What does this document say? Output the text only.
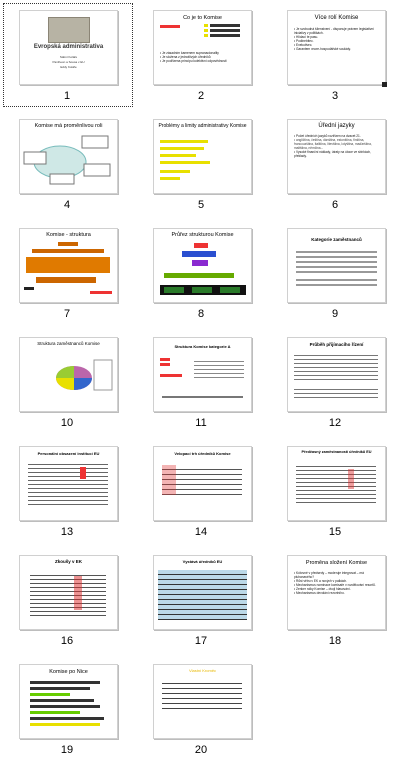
Evropská administrativa
Státní Koláře
Pantheon a Sousa v EU
Eddy Koláře
1
Co je to Komise
• Je zásadním kamenem supranacionality
• Je složena z jednotlivých úředníků
• Je podřízena principu kolektivní odpovědnosti
2
Více rolí Komise
• Je svobodná šílenstvení - disponuje právem legislativní iniciativy v politikách.
• Hlídací te pasu.
• Podlnebitec.
• Exekutivec.
• Garantem vnore-hospodářské soulády.
3
Komise má proměnlivou roli
4
Problémy a limity administrativy Komise
5
Úřední jazyky
• Počet úředních jazyků roztřízen na dvacet 21.
• angličtina, čeština, dánština, estonština, finština, francouzština, italština, litevština, lotyština, maďarština, maltština, němčina...
• Vysoké finanční náklady, útraty na útoce ve sbírkách, překlady.
6
Komise - struktura
7
Průřez strukturou Komise
8
Kategorie zaměstnanců
9
Struktura zaměstnanců Komise
10
Struktura Komise kategorie A
11
Průběh přijímacího řízení
12
Personální obsazení institucí EU
13
Velopací trh úředníků Komise
14
Předčasný zaměstnaností úředníků EU
15
Zkoušy v EK
16
Vystává úředníků EU
17
Proměna složení Komise
• Kótovné v předsedy – moderuje integrovat – má pluhanavého?
• Růst větru v EK a nových v palkách.
• Mechanismus nominace komisaře v rozdělování resortů.
• Zenker rolky Komise – dvoji hlasování.
• Mechanismus devolání rezortního.
18
Komise po Nice
19
Vlastní Kroměc
20
